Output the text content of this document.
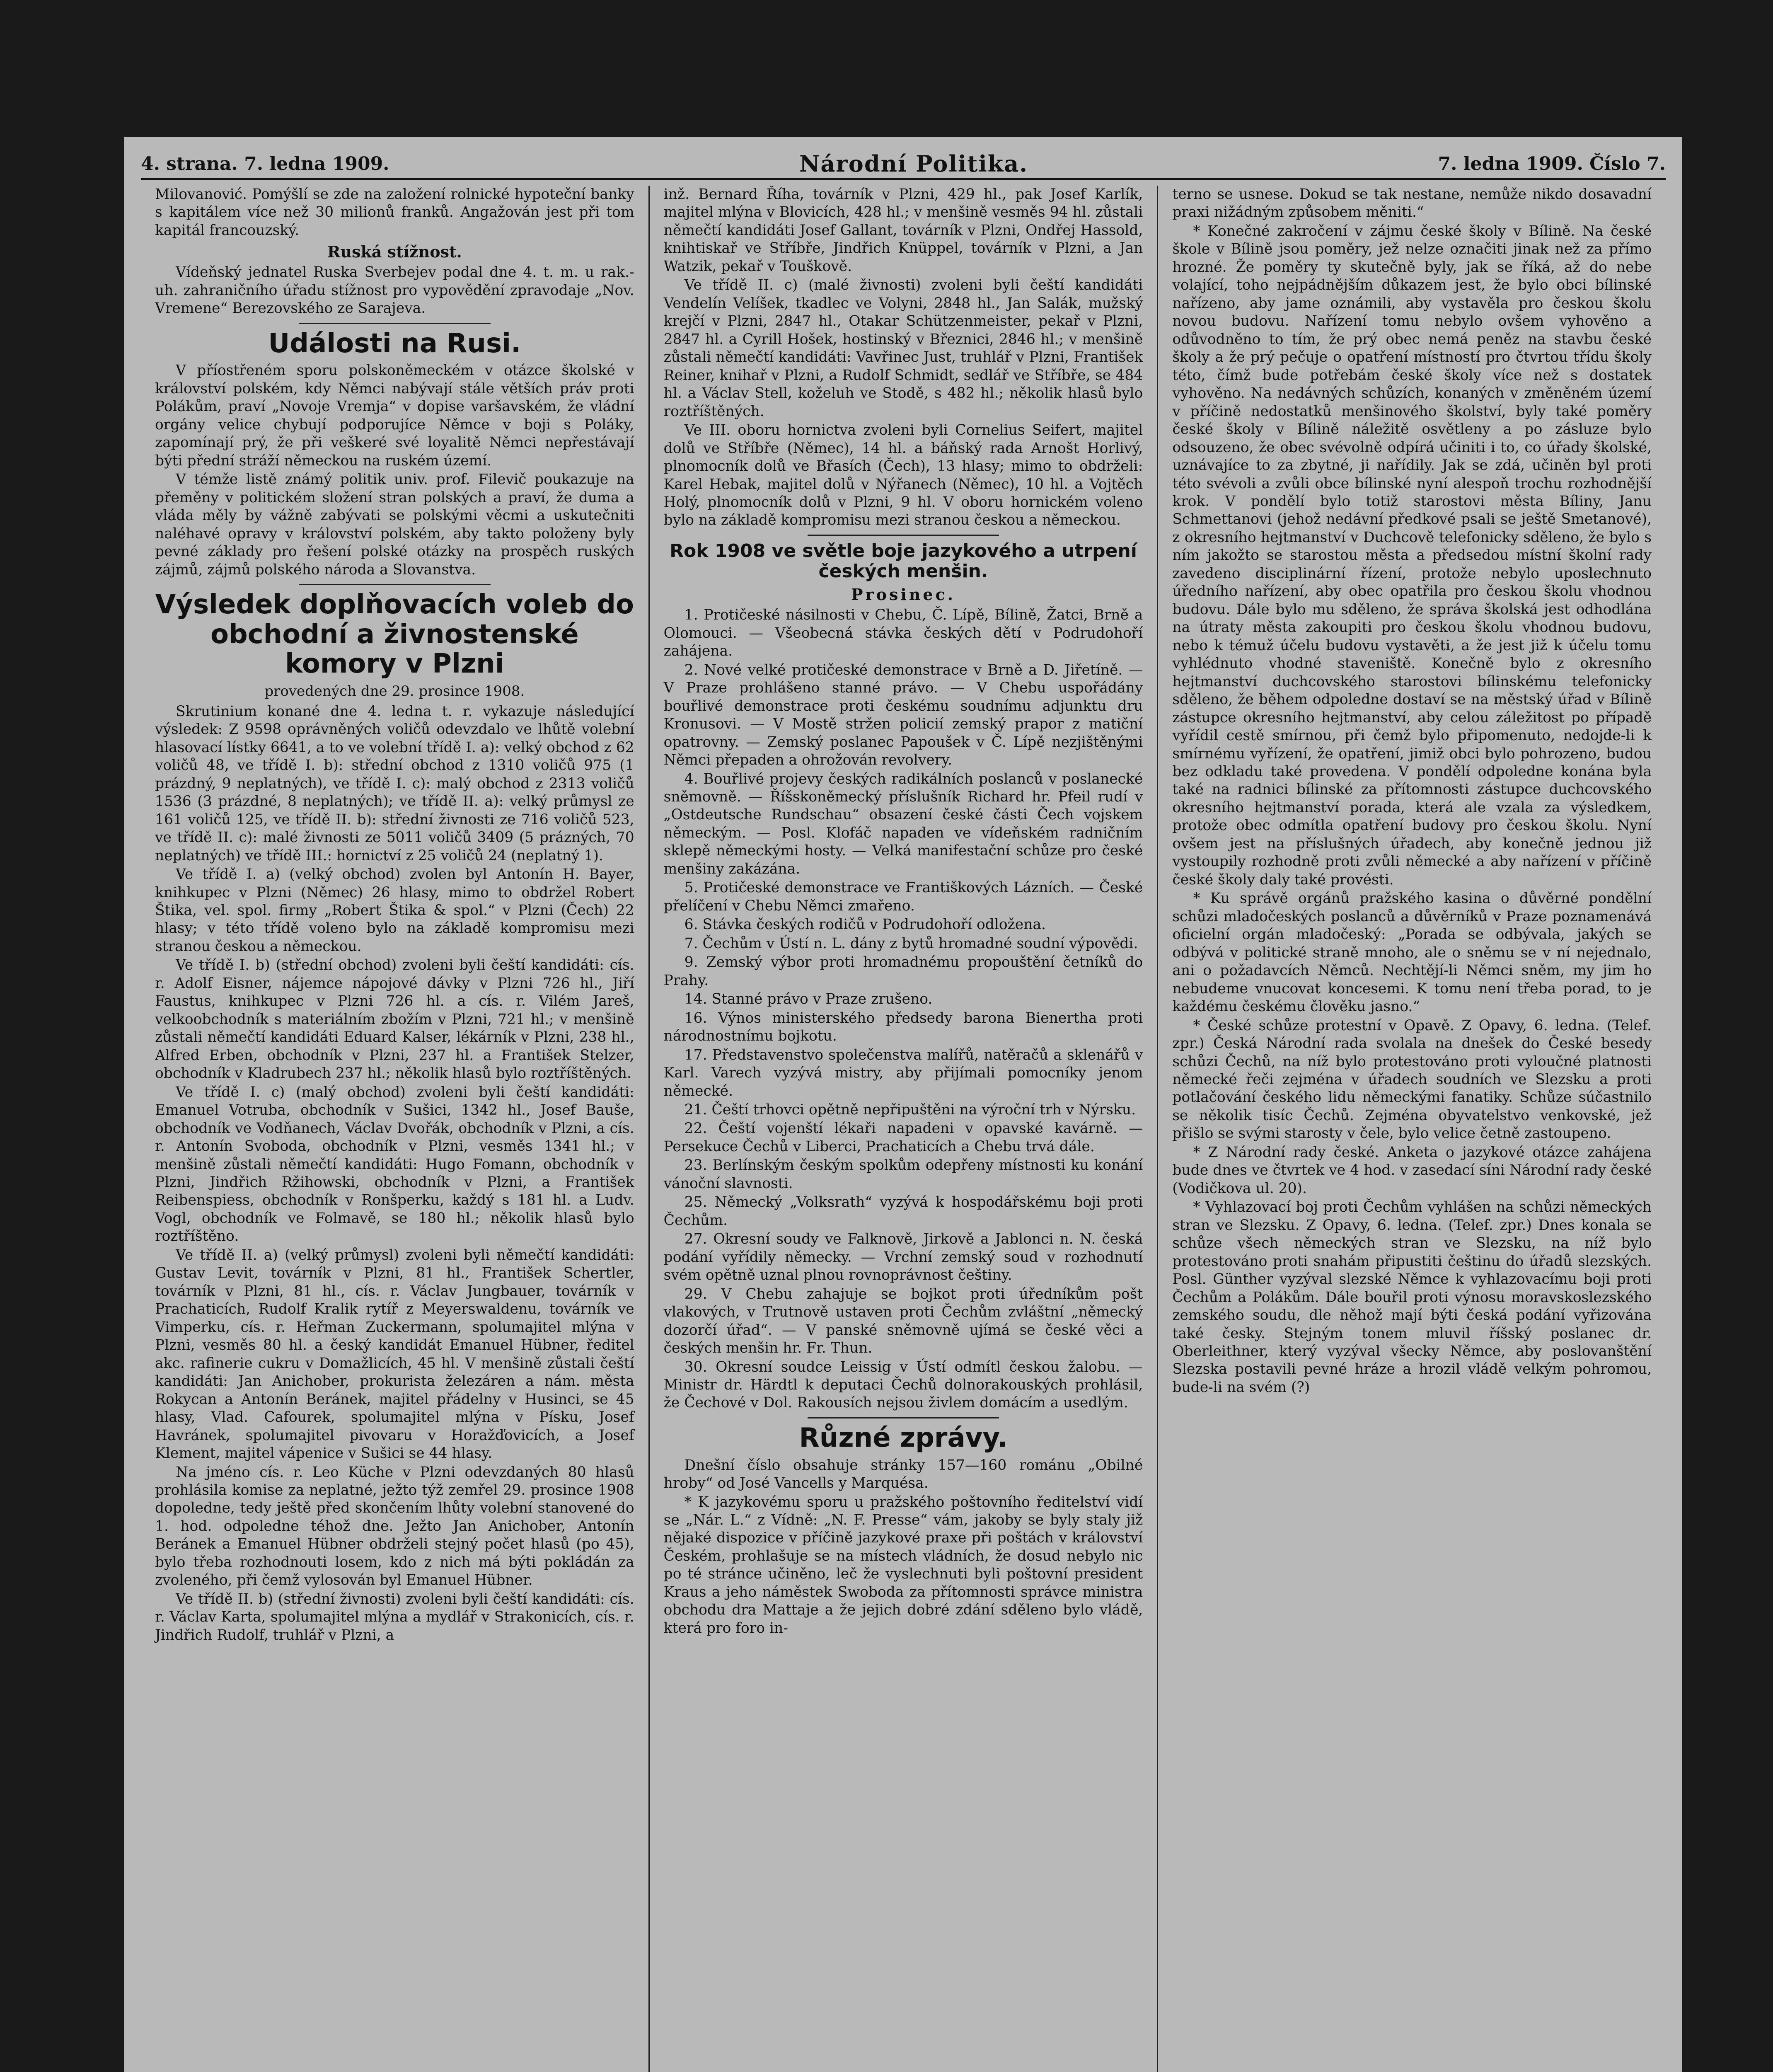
4. strana. 7. ledna 1909.	Národní Politika.	7. ledna 1909. Číslo 7.

Milovanović. Pomýšlí se zde na založení rolnické hypoteční banky s kapitálem více než 30 milionů franků. Angažován jest při tom kapitál francouzský.

Ruská stížnost.

Vídeňský jednatel Ruska Sverbejev podal dne 4. t. m. u rak.-uh. zahraničního úřadu stížnost pro vypovědění zpravodaje „Nov. Vremene“ Berezovského ze Sarajeva.

Události na Rusi.

V příostřeném sporu polskoněmeckém v otázce školské v království polském, kdy Němci nabývají stále větších práv proti Polákům, praví „Novoje Vremja“ v dopise varšavském, že vládní orgány velice chybují podporujíce Němce v boji s Poláky, zapomínají prý, že při veškeré své loyalitě Němci nepřestávají býti přední stráží německou na ruském území.

V témže listě známý politik univ. prof. Filevič poukazuje na přeměny v politickém složení stran polských a praví, že duma a vláda měly by vážně zabývati se polskými věcmi a uskutečniti naléhavé opravy v království polském, aby takto položeny byly pevné základy pro řešení polské otázky na prospěch ruských zájmů, zájmů polského národa a Slovanstva.

Výsledek doplňovacích voleb do obchodní a živnostenské komory v Plzni
provedených dne 29. prosince 1908.

Skrutinium konané dne 4. ledna t. r. vykazuje následující výsledek: Z 9598 oprávněných voličů odevzdalo ve lhůtě volební hlasovací lístky 6641, a to ve volební třídě I. a): velký obchod z 62 voličů 48, ve třídě I. b): střední obchod z 1310 voličů 975 (1 prázdný, 9 neplatných), ve třídě I. c): malý obchod z 2313 voličů 1536 (3 prázdné, 8 neplatných); ve třídě II. a): velký průmysl ze 161 voličů 125, ve třídě II. b): střední živnosti ze 716 voličů 523, ve třídě II. c): malé živnosti ze 5011 voličů 3409 (5 prázných, 70 neplatných) ve třídě III.: hornictví z 25 voličů 24 (neplatný 1).

Ve třídě I. a) (velký obchod) zvolen byl Antonín H. Bayer, knihkupec v Plzni (Němec) 26 hlasy, mimo to obdržel Robert Štika, vel. spol. firmy „Robert Štika & spol.“ v Plzni (Čech) 22 hlasy; v této třídě voleno bylo na základě kompromisu mezi stranou českou a německou.

Ve třídě I. b) (střední obchod) zvoleni byli čeští kandidáti: cís. r. Adolf Eisner, nájemce nápojové dávky v Plzni 726 hl., Jiří Faustus, knihkupec v Plzni 726 hl. a cís. r. Vilém Jareš, velkoobchodník s materiálním zbožím v Plzni, 721 hl.; v menšině zůstali němečtí kandidáti Eduard Kalser, lékárník v Plzni, 238 hl., Alfred Erben, obchodník v Plzni, 237 hl. a František Stelzer, obchodník v Kladrubech 237 hl.; několik hlasů bylo roztříštěných.

Ve třídě I. c) (malý obchod) zvoleni byli čeští kandidáti: Emanuel Votruba, obchodník v Sušici, 1342 hl., Josef Bauše, obchodník ve Vodňanech, Václav Dvořák, obchodník v Plzni, a cís. r. Antonín Svoboda, obchodník v Plzni, vesměs 1341 hl.; v menšině zůstali němečtí kandidáti: Hugo Fomann, obchodník v Plzni, Jindřich Ržihowski, obchodník v Plzni, a František Reibenspiess, obchodník v Ronšperku, každý s 181 hl. a Ludv. Vogl, obchodník ve Folmavě, se 180 hl.; několik hlasů bylo roztříštěno.

Ve třídě II. a) (velký průmysl) zvoleni byli němečtí kandidáti: Gustav Levit, továrník v Plzni, 81 hl., František Schertler, továrník v Plzni, 81 hl., cís. r. Václav Jungbauer, továrník v Prachaticích, Rudolf Kralik rytíř z Meyerswaldenu, továrník ve Vimperku, cís. r. Heřman Zuckermann, spolumajitel mlýna v Plzni, vesměs 80 hl. a český kandidát Emanuel Hübner, ředitel akc. rafinerie cukru v Domažlicích, 45 hl. V menšině zůstali čeští kandidáti: Jan Anichober, prokurista železáren a nám. města Rokycan a Antonín Beránek, majitel přádelny v Husinci, se 45 hlasy, Vlad. Cafourek, spolumajitel mlýna v Písku, Josef Havránek, spolumajitel pivovaru v Horažďovicích, a Josef Klement, majitel vápenice v Sušici se 44 hlasy.

Na jméno cís. r. Leo Küche v Plzni odevzdaných 80 hlasů prohlásila komise za neplatné, ježto týž zemřel 29. prosince 1908 dopoledne, tedy ještě před skončením lhůty volební stanovené do 1. hod. odpoledne téhož dne. Ježto Jan Anichober, Antonín Beránek a Emanuel Hübner obdrželi stejný počet hlasů (po 45), bylo třeba rozhodnouti losem, kdo z nich má býti pokládán za zvoleného, při čemž vylosován byl Emanuel Hübner.

Ve třídě II. b) (střední živnosti) zvoleni byli čeští kandidáti: cís. r. Václav Karta, spolumajitel mlýna a mydlář v Strakonicích, cís. r. Jindřich Rudolf, truhlář v Plzni, a

inž. Bernard Říha, továrník v Plzni, 429 hl., pak Josef Karlík, majitel mlýna v Blovicích, 428 hl.; v menšině vesměs 94 hl. zůstali němečtí kandidáti Josef Gallant, továrník v Plzni, Ondřej Hassold, knihtiskař ve Stříbře, Jindřich Knüppel, továrník v Plzni, a Jan Watzik, pekař v Touškově.

Ve třídě II. c) (malé živnosti) zvoleni byli čeští kandidáti Vendelín Velíšek, tkadlec ve Volyni, 2848 hl., Jan Salák, mužský krejčí v Plzni, 2847 hl., Otakar Schützenmeister, pekař v Plzni, 2847 hl. a Cyrill Hošek, hostinský v Březnici, 2846 hl.; v menšině zůstali němečtí kandidáti: Vavřinec Just, truhlář v Plzni, František Reiner, knihař v Plzni, a Rudolf Schmidt, sedlář ve Stříbře, se 484 hl. a Václav Stell, koželuh ve Stodě, s 482 hl.; několik hlasů bylo roztříštěných.

Ve III. oboru hornictva zvoleni byli Cornelius Seifert, majitel dolů ve Stříbře (Němec), 14 hl. a báňský rada Arnošt Horlivý, plnomocník dolů ve Břasích (Čech), 13 hlasy; mimo to obdrželi: Karel Hebak, majitel dolů v Nýřanech (Němec), 10 hl. a Vojtěch Holý, plnomocník dolů v Plzni, 9 hl. V oboru hornickém voleno bylo na základě kompromisu mezi stranou českou a německou.

Rok 1908 ve světle boje jazykového a utrpení českých menšin.
Prosinec.

1. Protičeské násilnosti v Chebu, Č. Lípě, Bílině, Žatci, Brně a Olomouci. — Všeobecná stávka českých dětí v Podrudohoří zahájena.

2. Nové velké protičeské demonstrace v Brně a D. Jiřetíně. — V Praze prohlášeno stanné právo. — V Chebu uspořádány bouřlivé demonstrace proti českému soudnímu adjunktu dru Kronusovi. — V Mostě stržen policií zemský prapor z matiční opatrovny. — Zemský poslanec Papoušek v Č. Lípě nezjištěnými Němci přepaden a ohrožován revolvery.

4. Bouřlivé projevy českých radikálních poslanců v poslanecké sněmovně. — Říšskoněmecký příslušník Richard hr. Pfeil rudí v „Ostdeutsche Rundschau“ obsazení české části Čech vojskem německým. — Posl. Klofáč napaden ve vídeňském radničním sklepě německými hosty. — Velká manifestační schůze pro české menšiny zakázána.

5. Protičeské demonstrace ve Františkových Lázních. — České přelíčení v Chebu Němci zmařeno.

6. Stávka českých rodičů v Podrudohoří odložena.

7. Čechům v Ústí n. L. dány z bytů hromadné soudní výpovědi.

9. Zemský výbor proti hromadnému propouštění četníků do Prahy.

14. Stanné právo v Praze zrušeno.

16. Výnos ministerského předsedy barona Bienertha proti národnostnímu bojkotu.

17. Představenstvo společenstva malířů, natěračů a sklenářů v Karl. Varech vyzývá mistry, aby přijímali pomocníky jenom německé.

21. Čeští trhovci opětně nepřipuštěni na výroční trh v Nýrsku.

22. Čeští vojenští lékaři napadeni v opavské kavárně. — Persekuce Čechů v Liberci, Prachaticích a Chebu trvá dále.

23. Berlínským českým spolkům odepřeny místnosti ku konání vánoční slavnosti.

25. Německý „Volksrath“ vyzývá k hospodářskému boji proti Čechům.

27. Okresní soudy ve Falknově, Jirkově a Jablonci n. N. česká podání vyřídily německy. — Vrchní zemský soud v rozhodnutí svém opětně uznal plnou rovnoprávnost češtiny.

29. V Chebu zahajuje se bojkot proti úředníkům pošt vlakových, v Trutnově ustaven proti Čechům zvláštní „německý dozorčí úřad“. — V panské sněmovně ujímá se české věci a českých menšin hr. Fr. Thun.

30. Okresní soudce Leissig v Ústí odmítl českou žalobu. — Ministr dr. Härdtl k deputaci Čechů dolnorakouských prohlásil, že Čechové v Dol. Rakousích nejsou živlem domácím a usedlým.

Různé zprávy.

Dnešní číslo obsahuje stránky 157—160 románu „Obilné hroby“ od José Vancells y Marquésa.

* K jazykovému sporu u pražského poštovního ředitelství vidí se „Nár. L.“ z Vídně: „N. F. Presse“ vám, jakoby se byly staly již nějaké dispozice v příčině jazykové praxe při poštách v království Českém, prohlašuje se na místech vládních, že dosud nebylo nic po té stránce učiněno, leč že vyslechnuti byli poštovní president Kraus a jeho náměstek Swoboda za přítomnosti správce ministra obchodu dra Mattaje a že jejich dobré zdání sděleno bylo vládě, která pro foro in-

terno se usnese. Dokud se tak nestane, nemůže nikdo dosavadní praxi nižádným způsobem měniti.“

* Konečné zakročení v zájmu české školy v Bílině. Na české škole v Bílině jsou poměry, jež nelze označiti jinak než za přímo hrozné. Že poměry ty skutečně byly, jak se říká, až do nebe volající, toho nejpádnějším důkazem jest, že bylo obci bílinské nařízeno, aby jame oznámili, aby vystavěla pro českou školu novou budovu. Nařízení tomu nebylo ovšem vyhověno a odůvodněno to tím, že prý obec nemá peněz na stavbu české školy a že prý pečuje o opatření místností pro čtvrtou třídu školy této, čímž bude potřebám české školy více než s dostatek vyhověno. Na nedávných schůzích, konaných v změněném území v příčině nedostatků menšinového školství, byly také poměry české školy v Bílině náležitě osvětleny a po zásluze bylo odsouzeno, že obec svévolně odpírá učiniti i to, co úřady školské, uznávajíce to za zbytné, ji nařídily. Jak se zdá, učiněn byl proti této svévoli a zvůli obce bílinské nyní alespoň trochu rozhodnější krok. V pondělí bylo totiž starostovi města Bíliny, Janu Schmettanovi (jehož nedávní předkové psali se ještě Smetanové), z okresního hejtmanství v Duchcově telefonicky sděleno, že bylo s ním jakožto se starostou města a předsedou místní školní rady zavedeno disciplinární řízení, protože nebylo uposlechnuto úředního nařízení, aby obec opatřila pro českou školu vhodnou budovu. Dále bylo mu sděleno, že správa školská jest odhodlána na útraty města zakoupiti pro českou školu vhodnou budovu, nebo k témuž účelu budovu vystavěti, a že jest již k účelu tomu vyhlédnuto vhodné staveniště. Konečně bylo z okresního hejtmanství duchcovského starostovi bílinskému telefonicky sděleno, že během odpoledne dostaví se na městský úřad v Bílině zástupce okresního hejtmanství, aby celou záležitost po případě vyřídil cestě smírnou, při čemž bylo připomenuto, nedojde-li k smírnému vyřízení, že opatření, jimiž obci bylo pohrozeno, budou bez odkladu také provedena. V pondělí odpoledne konána byla také na radnici bílinské za přítomnosti zástupce duchcovského okresního hejtmanství porada, která ale vzala za výsledkem, protože obec odmítla opatření budovy pro českou školu. Nyní ovšem jest na příslušných úřadech, aby konečně jednou již vystoupily rozhodně proti zvůli německé a aby nařízení v příčině české školy daly také provésti.

* Ku správě orgánů pražského kasina o důvěrné pondělní schůzi mladočeských poslanců a důvěrníků v Praze poznamenává oficielní orgán mladočeský: „Porada se odbývala, jakých se odbývá v politické straně mnoho, ale o sněmu se v ní nejednalo, ani o požadavcích Němců. Nechtějí-li Němci sněm, my jim ho nebudeme vnucovat koncesemi. K tomu není třeba porad, to je každému českému člověku jasno.“

* České schůze protestní v Opavě. Z Opavy, 6. ledna. (Telef. zpr.) Česká Národní rada svolala na dnešek do České besedy schůzi Čechů, na níž bylo protestováno proti vyloučné platnosti německé řeči zejména v úřadech soudních ve Slezsku a proti potlačování českého lidu německými fanatiky. Schůze súčastnilo se několik tisíc Čechů. Zejména obyvatelstvo venkovské, jež přišlo se svými starosty v čele, bylo velice četně zastoupeno.

* Z Národní rady české. Anketa o jazykové otázce zahájena bude dnes ve čtvrtek ve 4 hod. v zasedací síni Národní rady české (Vodičkova ul. 20).

* Vyhlazovací boj proti Čechům vyhlášen na schůzi německých stran ve Slezsku. Z Opavy, 6. ledna. (Telef. zpr.) Dnes konala se schůze všech německých stran ve Slezsku, na níž bylo protestováno proti snahám připustiti češtinu do úřadů slezských. Posl. Günther vyzýval slezské Němce k vyhlazovacímu boji proti Čechům a Polákům. Dále bouřil proti výnosu moravskoslezského zemského soudu, dle něhož mají býti česká podání vyřizována také česky. Stejným tonem mluvil říšský poslanec dr. Oberleithner, který vyzýval všecky Němce, aby poslovanštění Slezska postavili pevné hráze a hrozil vládě velkým pohromou, bude-li na svém (?)
